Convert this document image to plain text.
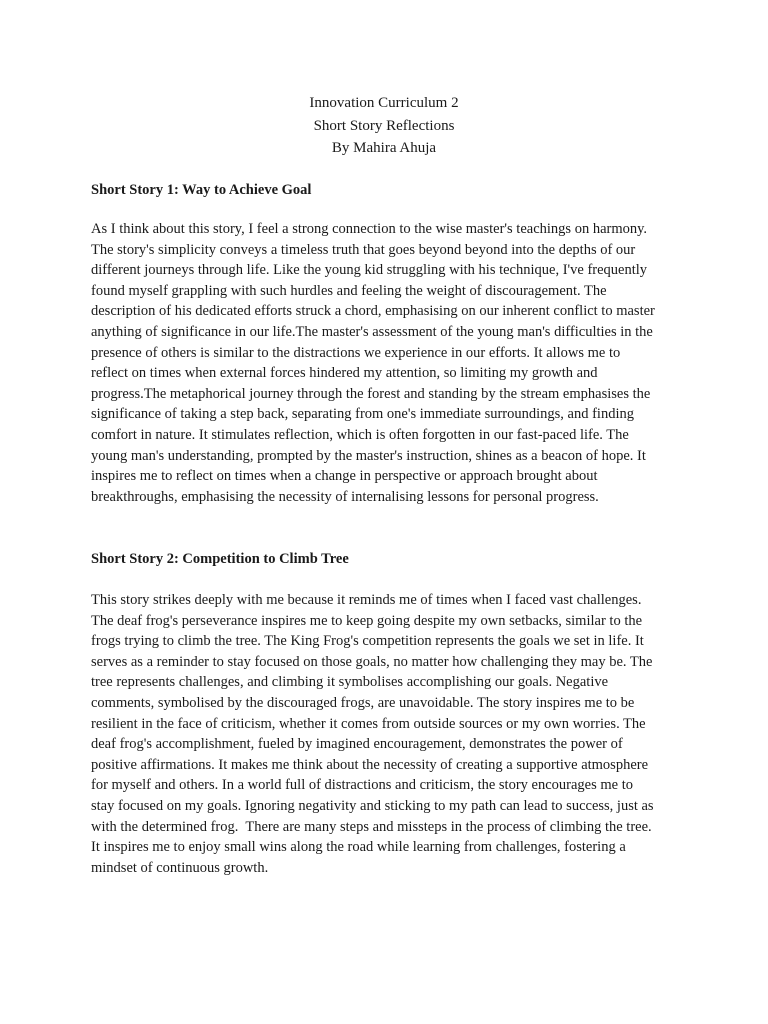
Innovation Curriculum 2
Short Story Reflections
By Mahira Ahuja
Short Story 1: Way to Achieve Goal
As I think about this story, I feel a strong connection to the wise master's teachings on harmony.
The story's simplicity conveys a timeless truth that goes beyond beyond into the depths of our
different journeys through life. Like the young kid struggling with his technique, I've frequently
found myself grappling with such hurdles and feeling the weight of discouragement. The
description of his dedicated efforts struck a chord, emphasising on our inherent conflict to master
anything of significance in our life.The master's assessment of the young man's difficulties in the
presence of others is similar to the distractions we experience in our efforts. It allows me to
reflect on times when external forces hindered my attention, so limiting my growth and
progress.The metaphorical journey through the forest and standing by the stream emphasises the
significance of taking a step back, separating from one's immediate surroundings, and finding
comfort in nature. It stimulates reflection, which is often forgotten in our fast-paced life. The
young man's understanding, prompted by the master's instruction, shines as a beacon of hope. It
inspires me to reflect on times when a change in perspective or approach brought about
breakthroughs, emphasising the necessity of internalising lessons for personal progress.
Short Story 2: Competition to Climb Tree
This story strikes deeply with me because it reminds me of times when I faced vast challenges.
The deaf frog's perseverance inspires me to keep going despite my own setbacks, similar to the
frogs trying to climb the tree. The King Frog's competition represents the goals we set in life. It
serves as a reminder to stay focused on those goals, no matter how challenging they may be. The
tree represents challenges, and climbing it symbolises accomplishing our goals. Negative
comments, symbolised by the discouraged frogs, are unavoidable. The story inspires me to be
resilient in the face of criticism, whether it comes from outside sources or my own worries. The
deaf frog's accomplishment, fueled by imagined encouragement, demonstrates the power of
positive affirmations. It makes me think about the necessity of creating a supportive atmosphere
for myself and others. In a world full of distractions and criticism, the story encourages me to
stay focused on my goals. Ignoring negativity and sticking to my path can lead to success, just as
with the determined frog.  There are many steps and missteps in the process of climbing the tree.
It inspires me to enjoy small wins along the road while learning from challenges, fostering a
mindset of continuous growth.
